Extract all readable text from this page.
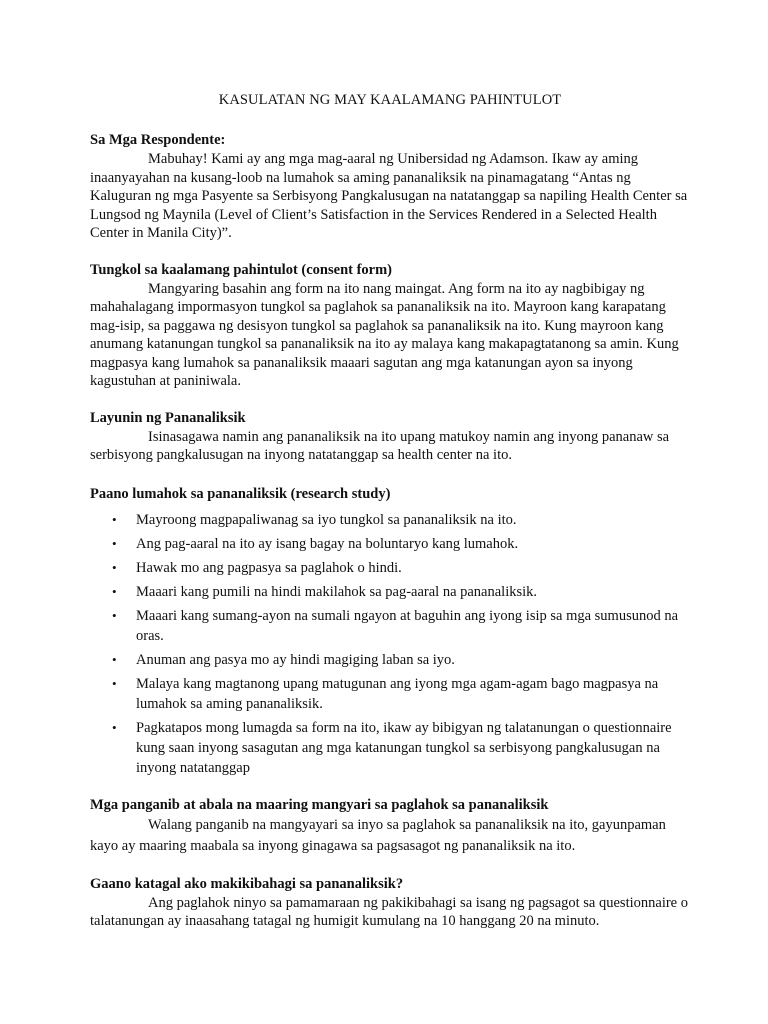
KASULATAN NG MAY KAALAMANG PAHINTULOT
Sa Mga Respondente:

Mabuhay! Kami ay ang mga mag-aaral ng Unibersidad ng Adamson. Ikaw ay aming inaanyayahan na kusang-loob na lumahok sa aming pananaliksik na pinamagatang “Antas ng Kaluguran ng mga Pasyente sa Serbisyong Pangkalusugan na natatanggap sa napiling Health Center sa Lungsod ng Maynila (Level of Client’s Satisfaction in the Services Rendered in a Selected Health Center in Manila City)”.

Tungkol sa kaalamang pahintulot (consent form)

Mangyaring basahin ang form na ito nang maingat. Ang form na ito ay nagbibigay ng mahahalagang impormasyon tungkol sa paglahok sa pananaliksik na ito. Mayroon kang karapatang mag-isip, sa paggawa ng desisyon tungkol sa paglahok sa pananaliksik na ito. Kung mayroon kang anumang katanungan tungkol sa pananaliksik na ito ay malaya kang makapagtatanong sa amin. Kung magpasya kang lumahok sa pananaliksik maaari sagutan ang mga katanungan ayon sa inyong kagustuhan at paniniwala.

Layunin ng Pananaliksik

Isinasagawa namin ang pananaliksik na ito upang matukoy namin ang inyong pananaw sa serbisyong pangkalusugan na inyong natatanggap sa health center na ito.

Paano lumahok sa pananaliksik (research study)
• Mayroong magpapaliwanag sa iyo tungkol sa pananaliksik na ito.
• Ang pag-aaral na ito ay isang bagay na boluntaryo kang lumahok.
• Hawak mo ang pagpasya sa paglahok o hindi.
• Maaari kang pumili na hindi makilahok sa pag-aaral na pananaliksik.
• Maaari kang sumang-ayon na sumali ngayon at baguhin ang iyong isip sa mga sumusunod na oras.
• Anuman ang pasya mo ay hindi magiging laban sa iyo.
• Malaya kang magtanong upang matugunan ang iyong mga agam-agam bago magpasya na lumahok sa aming pananaliksik.
• Pagkatapos mong lumagda sa form na ito, ikaw ay bibigyan ng talatanungan o questionnaire kung saan inyong sasagutan ang mga katanungan tungkol sa serbisyong pangkalusugan na inyong natatanggap
Mga panganib at abala na maaring mangyari sa paglahok sa pananaliksik

Walang panganib na mangyayari sa inyo sa paglahok sa pananaliksik na ito, gayunpaman kayo ay maaring maabala sa inyong ginagawa sa pagsasagot ng pananaliksik na ito.

Gaano katagal ako makikibahagi sa pananaliksik?

Ang paglahok ninyo sa pamamaraan ng pakikibahagi sa isang ng pagsagot sa questionnaire o talatanungan ay inaasahang tatagal ng humigit kumulang na 10 hanggang 20 na minuto.
